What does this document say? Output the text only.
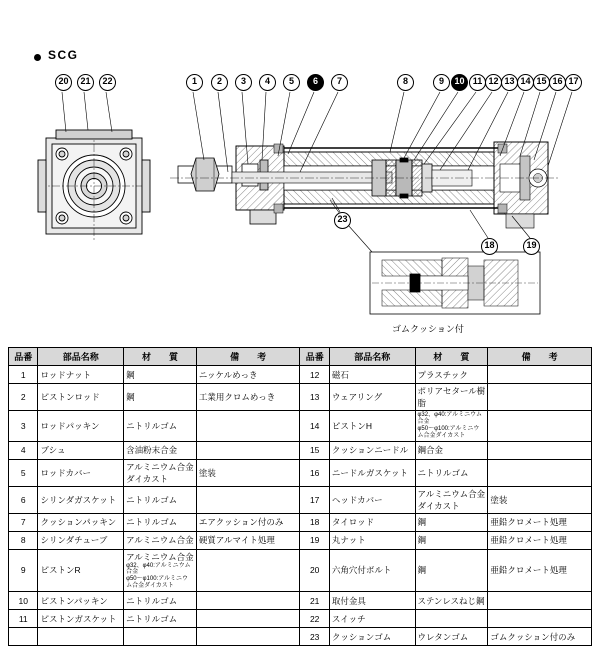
SCG
1	2	3	4	5	6	7	8	9	10 11 12 13 14 15 16 17
20	21	22
18	19
23
ゴムクッション付
品番	部品名称	材　　質	備　　考	品番	部品名称	材　　質	備　　考
1	ロッドナット	鋼	ニッケルめっき	12	磁石	プラスチック	
2	ピストンロッド	鋼	工業用クロムめっき	13	ウェアリング	ポリアセタール樹脂	
3	ロッドパッキン	ニトリルゴム		14	ピストンH	φ32、φ40:アルミニウム合金
φ50～φ100:アルミニウム合金ダイカスト	

4	ブシュ	含油粉末合金		15	クッションニードル	鋼合金	
5	ロッドカバー	アルミニウム合金ダイカスト	塗装	16	ニードルガスケット	ニトリルゴム	
6	シリンダガスケット	ニトリルゴム		17	ヘッドカバー	アルミニウム合金ダイカスト	塗装
7	クッションパッキン	ニトリルゴム	エアクッション付のみ	18	タイロッド	鋼	亜鉛クロメート処理
8	シリンダチューブ	アルミニウム合金	硬質アルマイト処理	19	丸ナット	鋼	亜鉛クロメート処理
9	ピストンR	アルミニウム合金
φ32、φ40:アルミニウム合金
φ50～φ100:アルミニウム合金ダイカスト		20	六角穴付ボルト	鋼	亜鉛クロメート処理
10	ピストンパッキン	ニトリルゴム		21	取付金具	ステンレスねじ鋼	
11	ピストンガスケット	ニトリルゴム		22	スイッチ		
				23	クッションゴム	ウレタンゴム	ゴムクッション付のみ
